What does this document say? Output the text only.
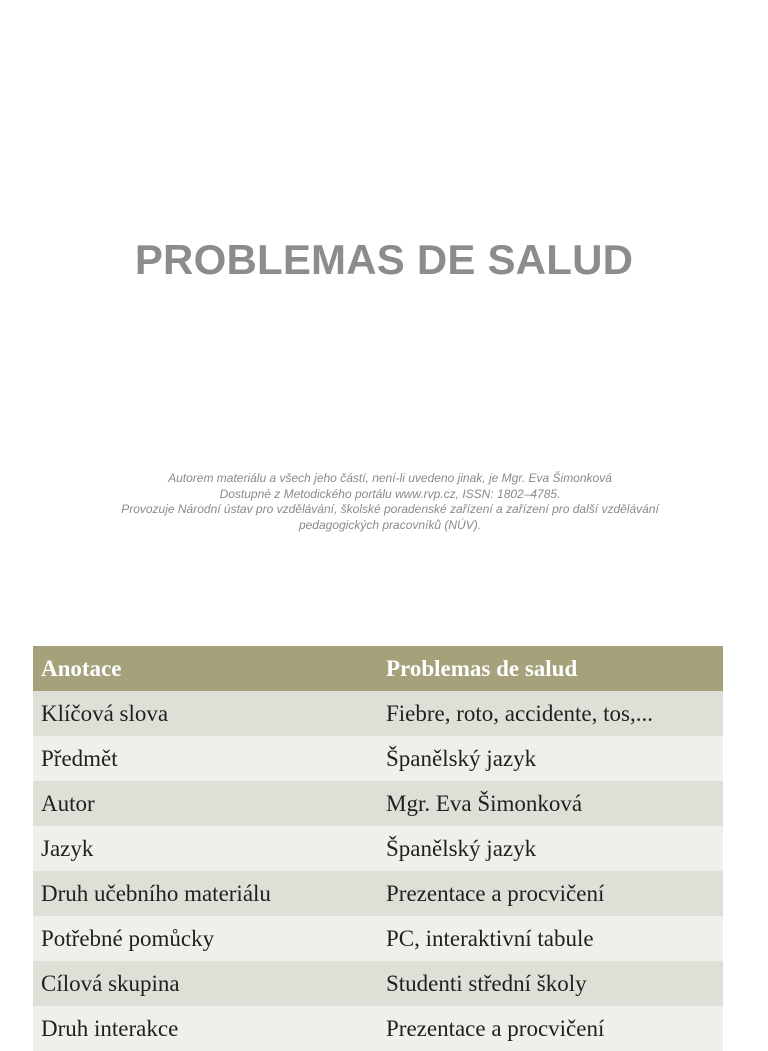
PROBLEMAS DE SALUD
Autorem materiálu a všech jeho částí, není-li uvedeno jinak, je Mgr. Eva Šimonková
Dostupné z Metodického portálu www.rvp.cz, ISSN: 1802–4785.
Provozuje Národní ústav pro vzdělávání, školské poradenské zařízení a zařízení pro další vzdělávání
pedagogických pracovníků (NÚV).
Anotace	Problemas de salud
Klíčová slova	Fiebre, roto, accidente, tos,...
Předmět	Španělský jazyk
Autor	Mgr. Eva Šimonková
Jazyk	Španělský jazyk
Druh učebního materiálu	Prezentace a procvičení
Potřebné pomůcky	PC, interaktivní tabule
Cílová skupina	Studenti střední školy
Druh interakce	Prezentace a procvičení
